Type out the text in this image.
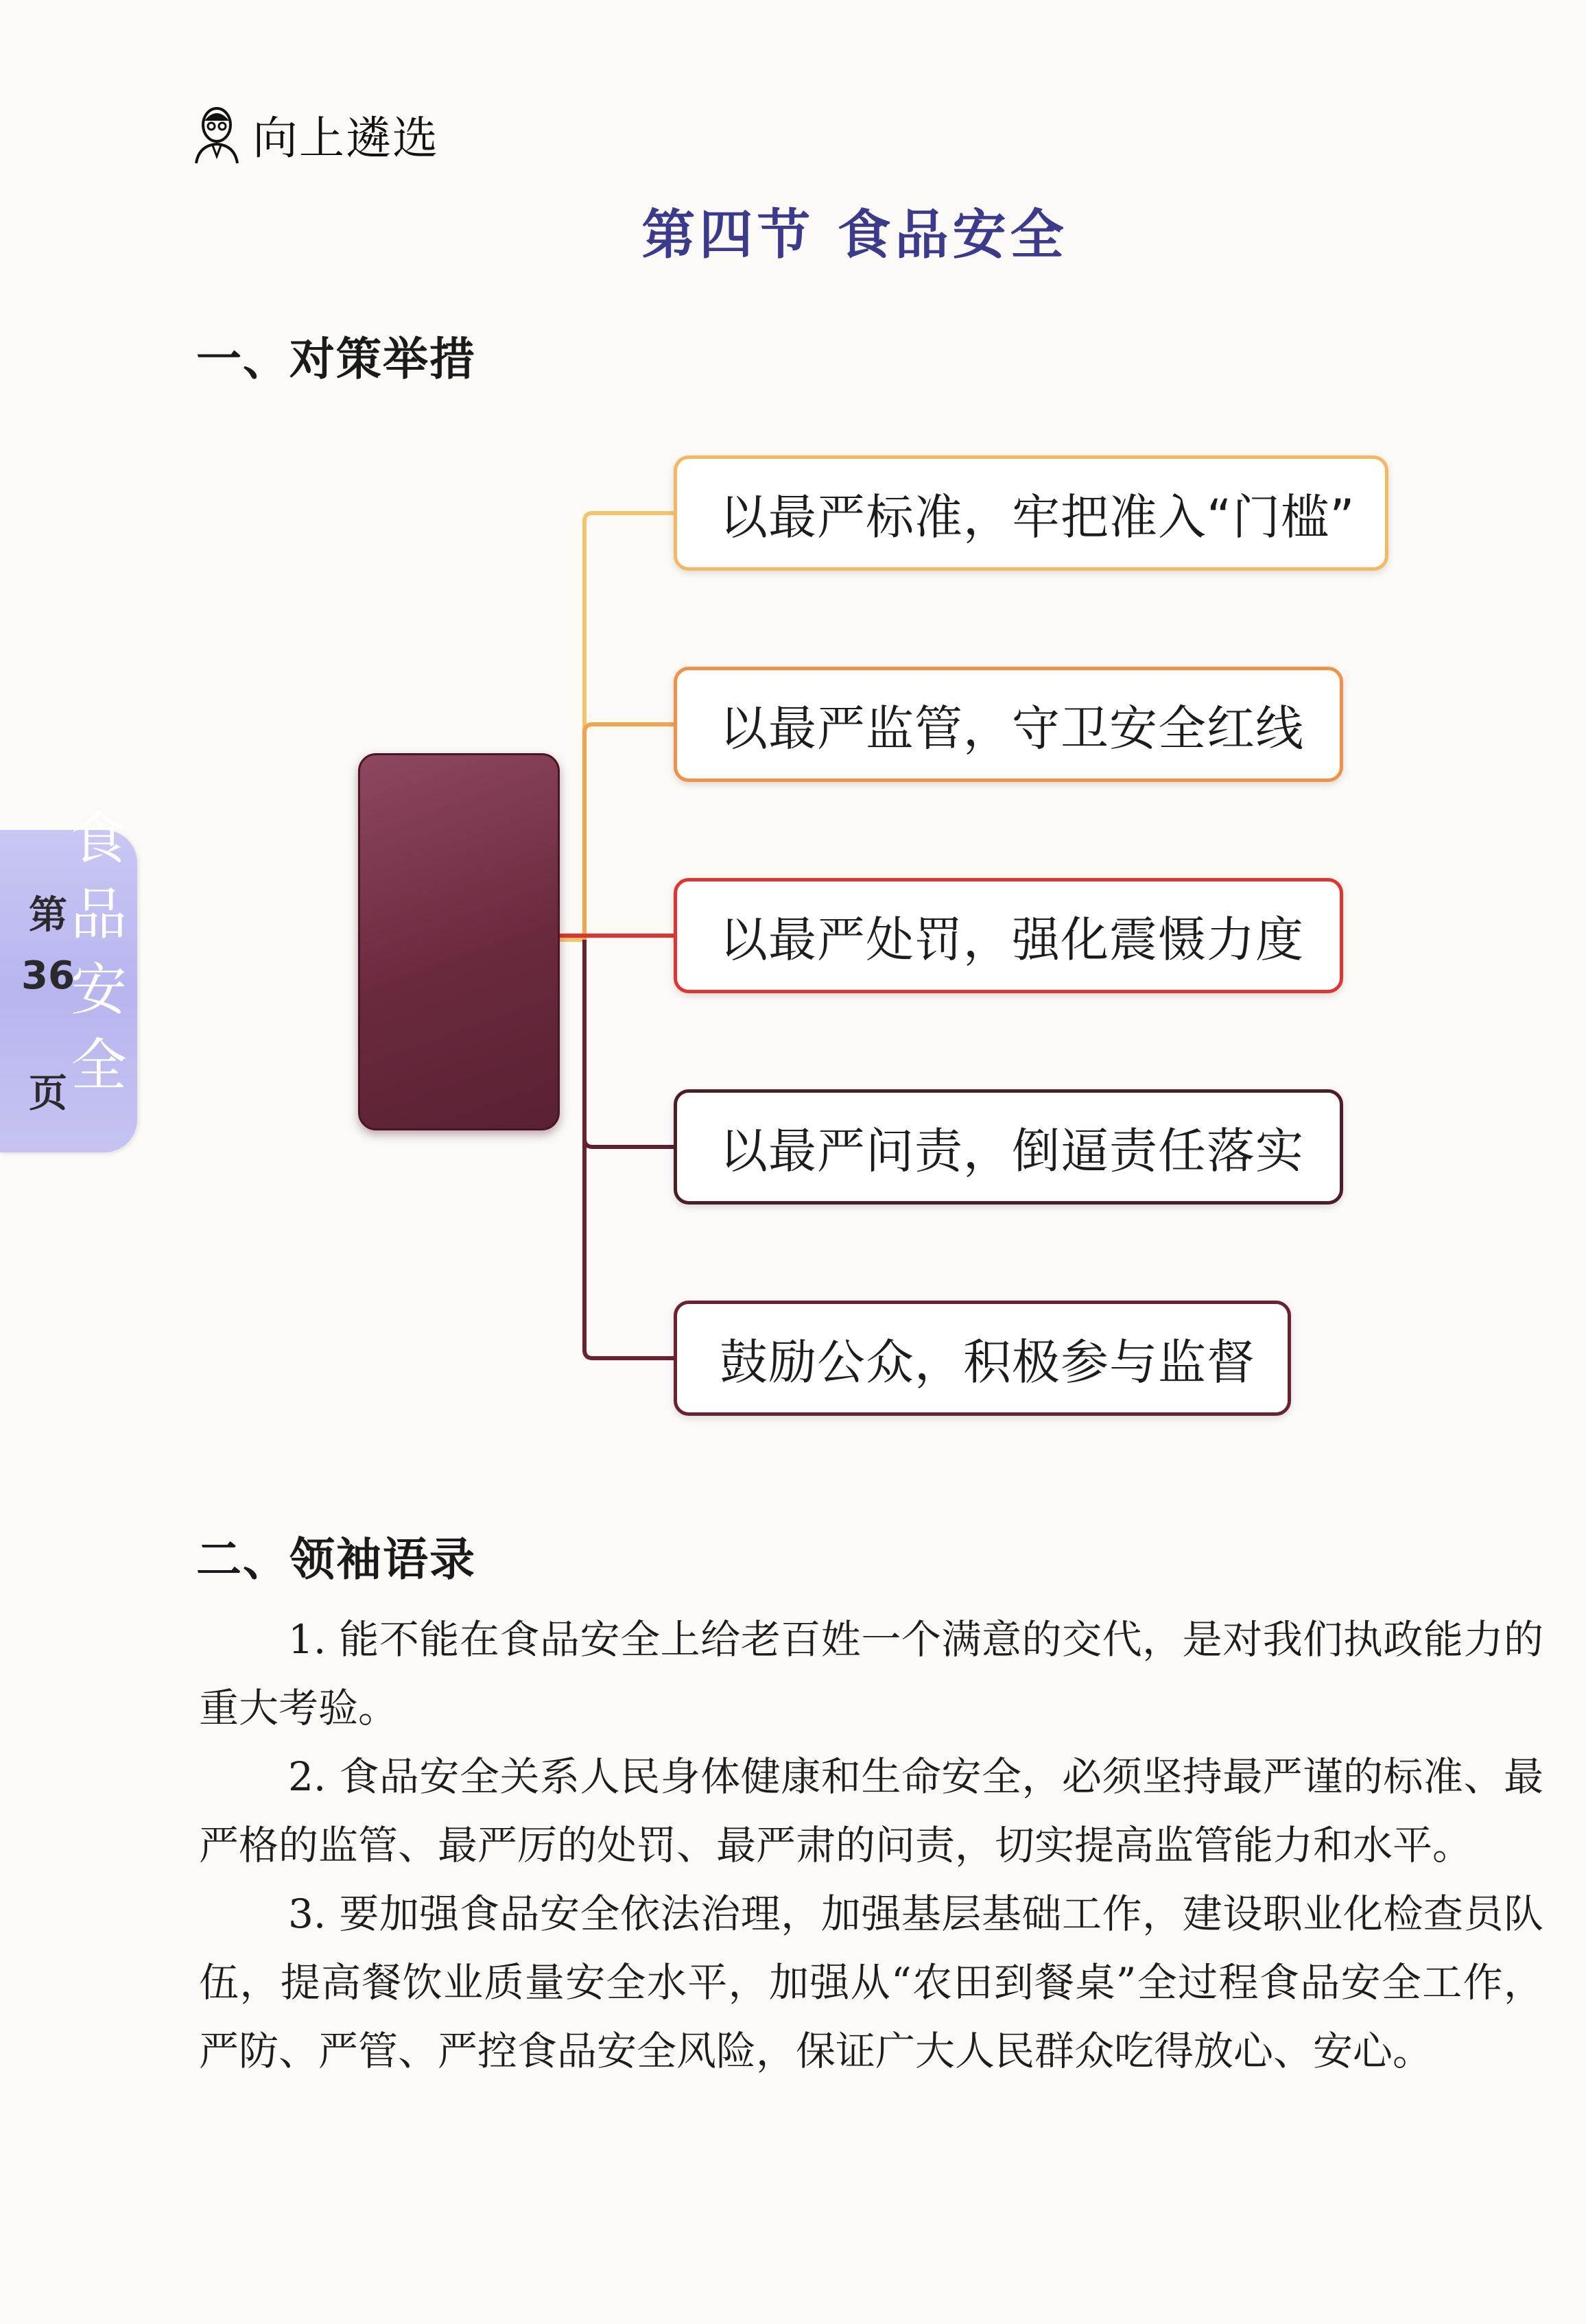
向上遴选
第四节 食品安全
一、对策举措
第
36
页
食
品
安
全
以最严标准，牢把准入“门槛”
以最严监管，守卫安全红线
以最严处罚，强化震慑力度
以最严问责，倒逼责任落实
鼓励公众，积极参与监督
二、领袖语录
1. 能不能在食品安全上给老百姓一个满意的交代，是对我们执政能力的重大考验。
2. 食品安全关系人民身体健康和生命安全，必须坚持最严谨的标准、最严格的监管、最严厉的处罚、最严肃的问责，切实提高监管能力和水平。
3. 要加强食品安全依法治理，加强基层基础工作，建设职业化检查员队伍，提高餐饮业质量安全水平，加强从“农田到餐桌”全过程食品安全工作，严防、严管、严控食品安全风险，保证广大人民群众吃得放心、安心。
